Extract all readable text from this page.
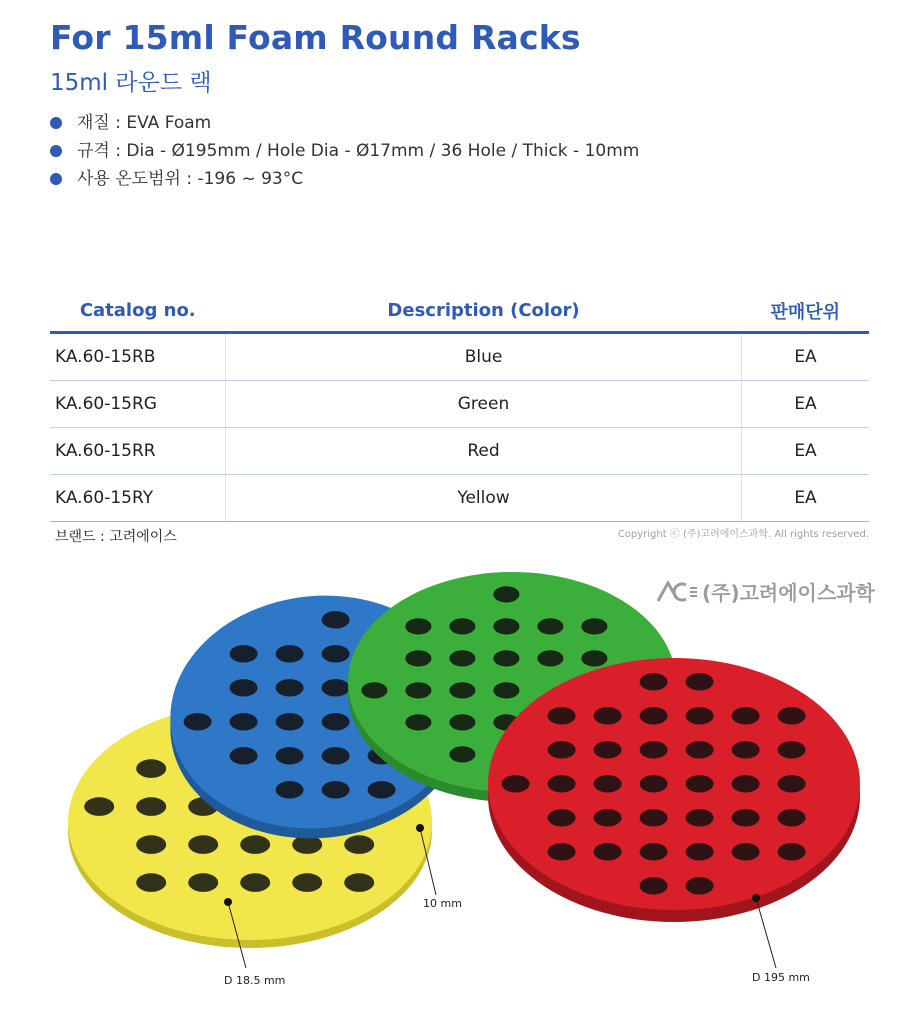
For 15ml Foam Round Racks
15ml 라운드 랙
재질 : EVA Foam
규격 : Dia - Ø195mm / Hole Dia - Ø17mm / 36 Hole / Thick - 10mm
사용 온도범위 : -196 ~ 93°C
Catalog no.	Description (Color)	판매단위
KA.60-15RB	Blue	EA
KA.60-15RG	Green	EA
KA.60-15RR	Red	EA
KA.60-15RY	Yellow	EA
브랜드 : 고려에이스	Copyright ⓒ (주)고려에이스과학. All rights reserved.
10 mm
D 18.5 mm	D 195 mm
(주)고려에이스과학
